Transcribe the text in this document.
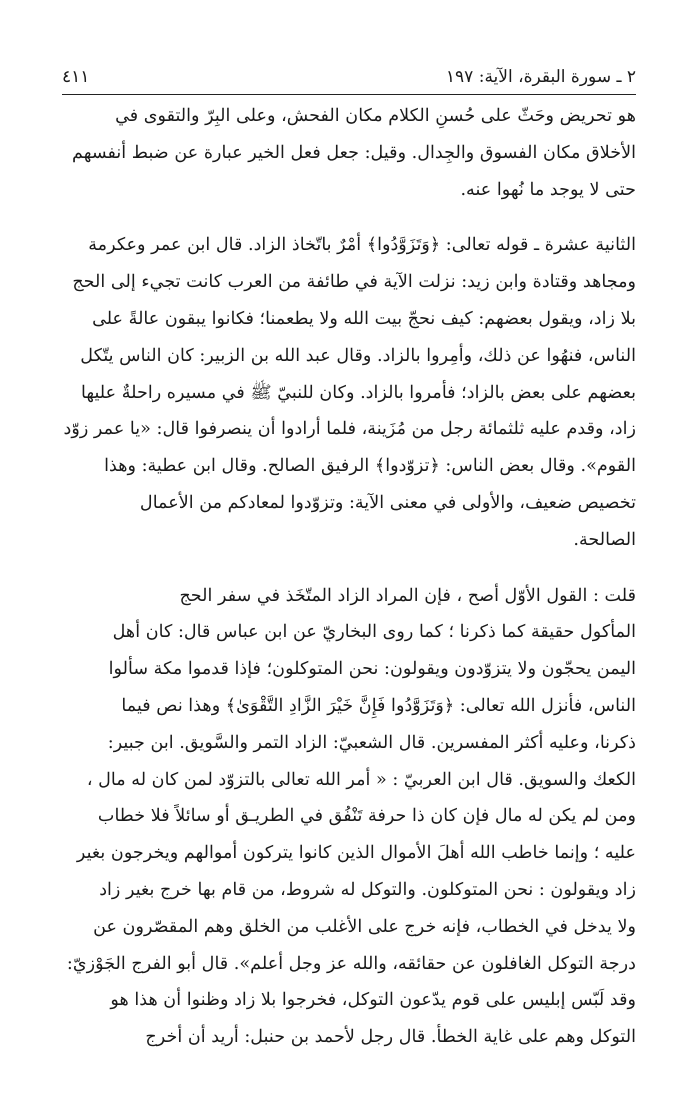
٢ ـ سورة البقرة، الآية: ١٩٧
٤١١
هو تحريض وحَثّ على حُسنِ الكلام مكان الفحش، وعلى البِرّ والتقوى في
الأخلاق مكان الفسوق والجِدال. وقيل: جعل فعل الخير عبارة عن ضبط أنفسهم
حتى لا يوجد ما نُهوا عنه.
الثانية عشرة ـ قوله تعالى: ﴿وَتَزَوَّدُوا﴾ أمْرٌ باتّخاذ الزاد. قال ابن عمر وعكرمة
ومجاهد وقتادة وابن زيد: نزلت الآية في طائفة من العرب كانت تجيء إلى الحج
بلا زاد، ويقول بعضهم: كيف نحجّ بيت الله ولا يطعمنا؛ فكانوا يبقون عالةً على
الناس، فنهُوا عن ذلك، وأمِروا بالزاد. وقال عبد الله بن الزبير: كان الناس يتّكل
بعضهم على بعض بالزاد؛ فأمروا بالزاد. وكان للنبيّ ﷺ في مسيره راحلةٌ عليها
زاد، وقدم عليه ثلثمائة رجل من مُزَينة، فلما أرادوا أن ينصرفوا قال: «يا عمر زوّد
القوم». وقال بعض الناس: ﴿تزوّدوا﴾ الرفيق الصالح. وقال ابن عطية: وهذا
تخصيص ضعيف، والأولى في معنى الآية: وتزوّدوا لمعادكم من الأعمال
الصالحة.
قلت : القول الأوّل أصح ، فإن المراد الزاد المتّخَذ في سفر الحج
المأكول حقيقة كما ذكرنا ؛ كما روى البخاريّ عن ابن عباس قال: كان أهل
اليمن يحجّون ولا يتزوّدون ويقولون: نحن المتوكلون؛ فإذا قدموا مكة سألوا
الناس، فأنزل الله تعالى: ﴿وَتَزَوَّدُوا فَإِنَّ خَيْرَ الزَّادِ التَّقْوَىٰ﴾ وهذا نص فيما
ذكرنا، وعليه أكثر المفسرين. قال الشعبيّ: الزاد التمر والسَّويق. ابن جبير:
الكعك والسويق. قال ابن العربيّ : « أمر الله تعالى بالتزوّد لمن كان له مال ،
ومن لم يكن له مال فإن كان ذا حرفة تَنْفُق في الطريـق أو سائلاً فلا خطاب
عليه ؛ وإنما خاطب الله أهلَ الأموال الذين كانوا يتركون أموالهم ويخرجون بغير
زاد ويقولون : نحن المتوكلون. والتوكل له شروط، من قام بها خرج بغير زاد
ولا يدخل في الخطاب، فإنه خرج على الأغلب من الخلق وهم المقصّرون عن
درجة التوكل الغافلون عن حقائقه، والله عز وجل أعلم». قال أبو الفرج الجَوْزيّ:
وقد لَبّس إبليس على قوم يدّعون التوكل، فخرجوا بلا زاد وظنوا أن هذا هو
التوكل وهم على غاية الخطأ. قال رجل لأحمد بن حنبل: أريد أن أخرج
